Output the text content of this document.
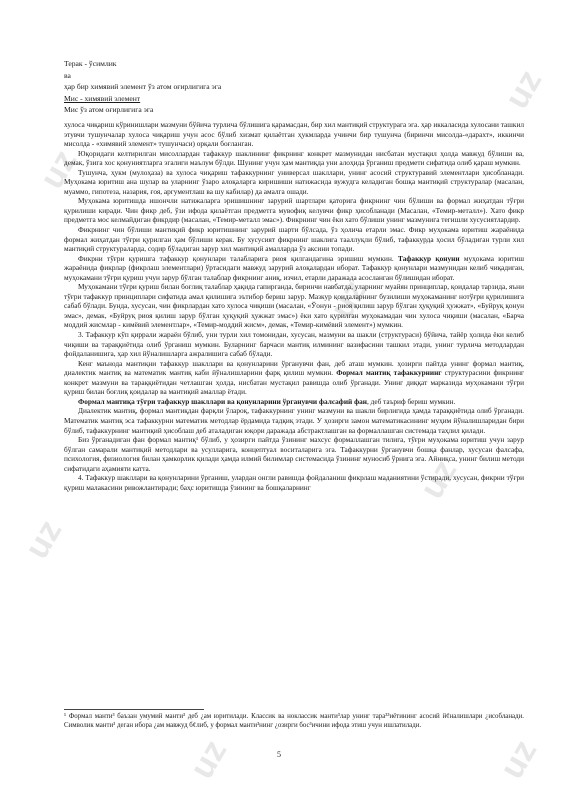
uz
uz
uz
uz
uz
uz	uz
Терак - ўсимлик
ва
ҳар бир химявий элемент ўз атом оғирлигига эга
Мис - химявий элемент
Мис ўз атом оғирлигига эга

хулоса чиқариш кўринишлари мазмуни бўйича турлича бўлишига қарамасдан, бир хил мантиқий структурага эга. ҳар иккаласида хулосани ташкил этувчи тушунчалар хулоса чиқариш учун асос бўлиб хизмат қилаётган ҳукмларда учинчи бир тушунча (биринчи мисолда-«дарахт», иккинчи мисолда - «химявий элемент» тушунчаси) орқали боғланган.

Юқоридаги келтирилган мисоллардан тафаккур шаклининг фикрнинг конкрет мазмунидан нисбатан мустақил ҳолда мавжуд бўлиши ва, демак, ўзига хос қонуниятларга эгалиги маълум бўлди. Шунинг учун ҳам мантиқда уни алоҳида ўрганиш предмети сифатида олиб қараш мумкин.

Тушунча, ҳукм (мулоҳаза) ва хулоса чиқариш тафаккурнинг универсал шакллари, унинг асосий структуравий элементлари ҳисобланади. Муҳокама юритиш ана шулар ва уларнинг ўзаро алоқаларга киришиши натижасида вужудга келадиган бошқа мантиқий структуралар (масалан, муаммо, гипотеза, назария, ғоя, аргументлаш ва шу кабилар) да амалга ошади.

Муҳокама юритишда ишончли натижаларга эришишнинг зарурий шартлари қаторига фикрнинг чин бўлиши ва формал жиҳатдан тўғри қурилиши киради. Чин фикр деб, ўзи ифода қилаётган предметга мувофиқ келувчи фикр ҳисобланади (Масалан, «Темир-металл»). Хато фикр предметга мос келмайдиган фикрдир (масалан, «Темир-металл эмас»). Фикрнинг чин ёки хато бўлиши унинг мазмунига тегишли хусусиятлардир.

Фикрнинг чин бўлиши мантиқий фикр юритишнинг зарурий шарти бўлсада, ўз ҳолича етарли эмас. Фикр муҳокама юритиш жараёнида формал жиҳатдан тўғри қурилган ҳам бўлиши керак. Бу хусусият фикрнинг шаклига тааллуқли бўлиб, тафаккурда ҳосил бўладиган турли хил мантиқий структураларда, содир бўладиган зарур хил мантиқий амалларда ўз аксини топади.

Фикрни тўғри қуришга тафаккур қонунлари талабларига риоя қилгандагина эришиш мумкин. Тафаккур қонуни муҳокама юритиш жараёнида фикрлар (фикрлаш элементлари) ўртасидаги мавжуд зарурий алоқалардан иборат. Тафаккур қонунлари мазмунидан келиб чиқадиган, муҳокамани тўғри қуриш учун зарур бўлган талаблар фикрнинг аниқ, изчил, етарли даражада асосланган бўлишидан иборат.

Муҳокамани тўғри қуриш билан боғлиқ талаблар ҳақида гапирганда, биринчи навбатда, уларнинг муайян принциплар, қоидалар тарзида, яъни тўғри тафаккур принциплари сифатида амал қилишига эътибор бериш зарур. Мазкур қоидаларнинг бузилиши муҳокаманинг нотўғри қурилишига сабаб бўлади. Бунда, хусусан, чин фикрлардан хато хулоса чиқиши (масалан, «Ўонун - риоя қилиш зарур бўлган ҳуқуқий ҳужжат», «Буйруқ қонун эмас», демак, «Буйруқ риоя қилиш зарур бўлган ҳуқуқий ҳужжат эмас») ёки хато қурилган муҳокамадан чин хулоса чиқиши (масалан, «Барча моддий жисмлар - кимёвий элементлар», «Темир-моддий жисм», демак, «Темир-кимёвий элемент») мумкин.

3. Тафаккур кўп қиррали жараён бўлиб, уни турли хил томонидан, хусусан, мазмуни ва шакли (структураси) бўйича, тайёр ҳолида ёки келиб чиқиши ва тараққиётида олиб ўрганиш мумкин. Буларнинг барчаси мантиқ илмининг вазифасини ташкил этади, унинг турлича методлардан фойдаланишига, ҳар хил йўналишларга ажралишига сабаб бўлади.

Кенг маънода мантиқни тафаккур шакллари ва қонунларини ўрганувчи фан, деб аташ мумкин. ҳозирги пайтда унинг формал мантиқ, диалектик мантиқ ва математик мантиқ каби йўналишларини фарқ қилиш мумкин. Формал мантиқ тафаккурнинг структурасини фикрнинг конкрет мазмуни ва тараққиётидан четлашган ҳолда, нисбатан мустақил равишда олиб ўрганади. Унинг диққат марказида муҳокамани тўғри қуриш билан боғлиқ қоидалар ва мантиқий амаллар ётади.

Формал мантиқа тўғри тафаккур шакллари ва қонунларини ўрганувчи фалсафий фан, деб таъриф бериш мумкин.

Диалектик мантиқ, формал мантиқдан фарқли ўлароқ, тафаккурнинг унинг мазмуни ва шакли бирлигида ҳамда тараққиётида олиб ўрганади. Математик мантиқ эса тафаккурни математик методлар ёрдамида тадқиқ этади. У ҳозирги замон математикасининг муҳим йўналишларидан бири бўлиб, тафаккурнинг мантиқий ҳисоблаш деб аталадиган юқори даражада абстрактлашган ва формаллашган системада таҳлил қилади.

Биз ўрганадиган фан формал мантиқ¹ бўлиб, у ҳозирги пайтда ўзининг махсус формаллашган тилига, тўғри муҳокама юритиш учун зарур бўлган самарали мантиқий методлари ва усулларига, концептуал воситаларига эга. Тафаккурни ўрганувчи бошқа фанлар, хусусан фалсафа, психология, физиология билан ҳамкорлик қилади ҳамда илмий билимлар системасида ўзининг муносиб ўрнига эга. Айниқса, унинг билиш методи сифатидаги аҳамияти катта.

4. Тафаккур шакллари ва қонунларини ўрганиш, улардан онгли равишда фойдаланиш фикрлаш маданиятини ўстиради, хусусан, фикрни тўғри қуриш малакасини ривожлантиради; баҳс юритишда ўзининг ва бошқаларнинг

¹ Формал манти³ баъзан умумий манти³ деб ¿ам юритилади. Классик ва ноклассик манти³лар унинг тара³³иётининг асосий й¢налишлари ¿исобланади. Символик манти³ деган ибора ¿ам мавжуд б¢либ, у формал манти³нинг ¿озирги бос³ичини ифода этиш учун ишлатилади.
5
